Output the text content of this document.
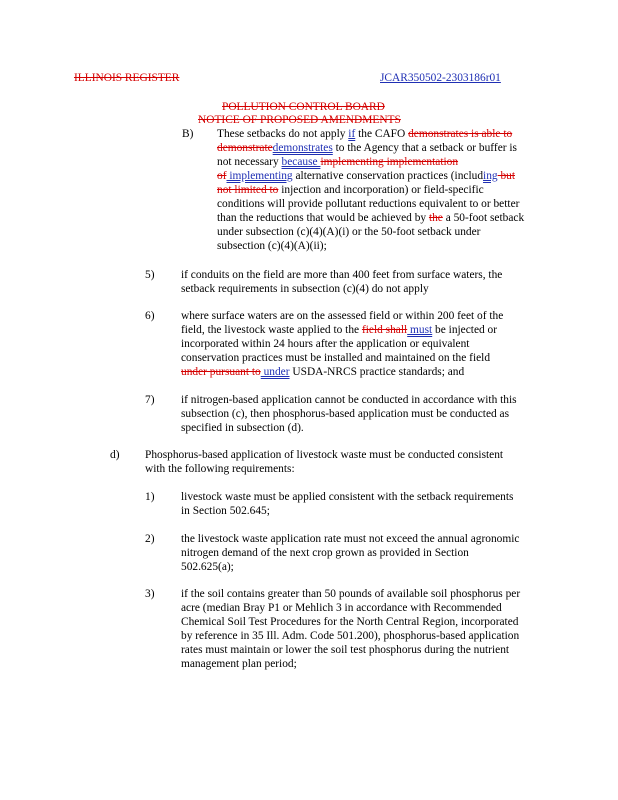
ILLINOIS REGISTER	JCAR350502-2303186r01
POLLUTION CONTROL BOARD
NOTICE OF PROPOSED AMENDMENTS
B) These setbacks do not apply if the CAFO demonstrates is able to
demonstratedemonstrates to the Agency that a setback or buffer is
not necessary because implementing implementation
of implementing alternative conservation practices (including but
not limited to injection and incorporation) or field-specific
conditions will provide pollutant reductions equivalent to or better
than the reductions that would be achieved by the a 50-foot setback
under subsection (c)(4)(A)(i) or the 50-foot setback under
subsection (c)(4)(A)(ii);
5) if conduits on the field are more than 400 feet from surface waters, the
setback requirements in subsection (c)(4) do not apply
6) where surface waters are on the assessed field or within 200 feet of the
field, the livestock waste applied to the field shall must be injected or
incorporated within 24 hours after the application or equivalent
conservation practices must be installed and maintained on the field
under pursuant to under USDA-NRCS practice standards; and
7) if nitrogen-based application cannot be conducted in accordance with this
subsection (c), then phosphorus-based application must be conducted as
specified in subsection (d).
d) Phosphorus-based application of livestock waste must be conducted consistent
with the following requirements:
1) livestock waste must be applied consistent with the setback requirements
in Section 502.645;
2) the livestock waste application rate must not exceed the annual agronomic
nitrogen demand of the next crop grown as provided in Section
502.625(a);
3) if the soil contains greater than 50 pounds of available soil phosphorus per
acre (median Bray P1 or Mehlich 3 in accordance with Recommended
Chemical Soil Test Procedures for the North Central Region, incorporated
by reference in 35 Ill. Adm. Code 501.200), phosphorus-based application
rates must maintain or lower the soil test phosphorus during the nutrient
management plan period;
